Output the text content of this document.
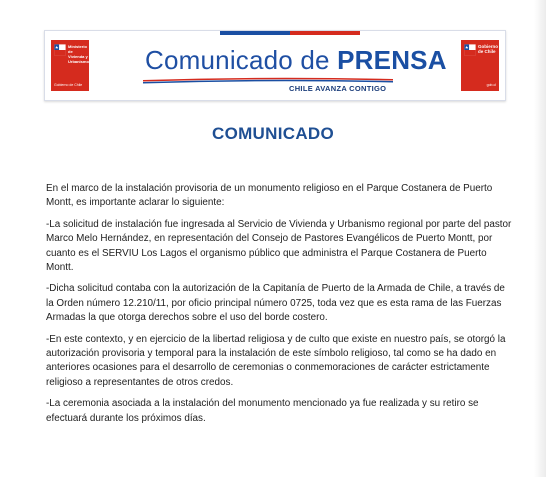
Ministerio de Vivienda y Urbanismo
Gobierno de Chile
Comunicado de PRENSA
CHILE AVANZA CONTIGO
Gobierno de Chile
gob.cl
COMUNICADO

En el marco de la instalación provisoria de un monumento religioso en el Parque Costanera de Puerto Montt, es importante aclarar lo siguiente:

-La solicitud de instalación fue ingresada al Servicio de Vivienda y Urbanismo regional por parte del pastor Marco Melo Hernández, en representación del Consejo de Pastores Evangélicos de Puerto Montt, por cuanto es el SERVIU Los Lagos el organismo público que administra el Parque Costanera de Puerto Montt.

-Dicha solicitud contaba con la autorización de la Capitanía de Puerto de la Armada de Chile, a través de la Orden número 12.210/11, por oficio principal número 0725, toda vez que es esta rama de las Fuerzas Armadas la que otorga derechos sobre el uso del borde costero.

-En este contexto, y en ejercicio de la libertad religiosa y de culto que existe en nuestro país, se otorgó la autorización provisoria y temporal para la instalación de este símbolo religioso, tal como se ha dado en anteriores ocasiones para el desarrollo de ceremonias o conmemoraciones de carácter estrictamente religioso a representantes de otros credos.

-La ceremonia asociada a la instalación del monumento mencionado ya fue realizada y su retiro se efectuará durante los próximos días.
